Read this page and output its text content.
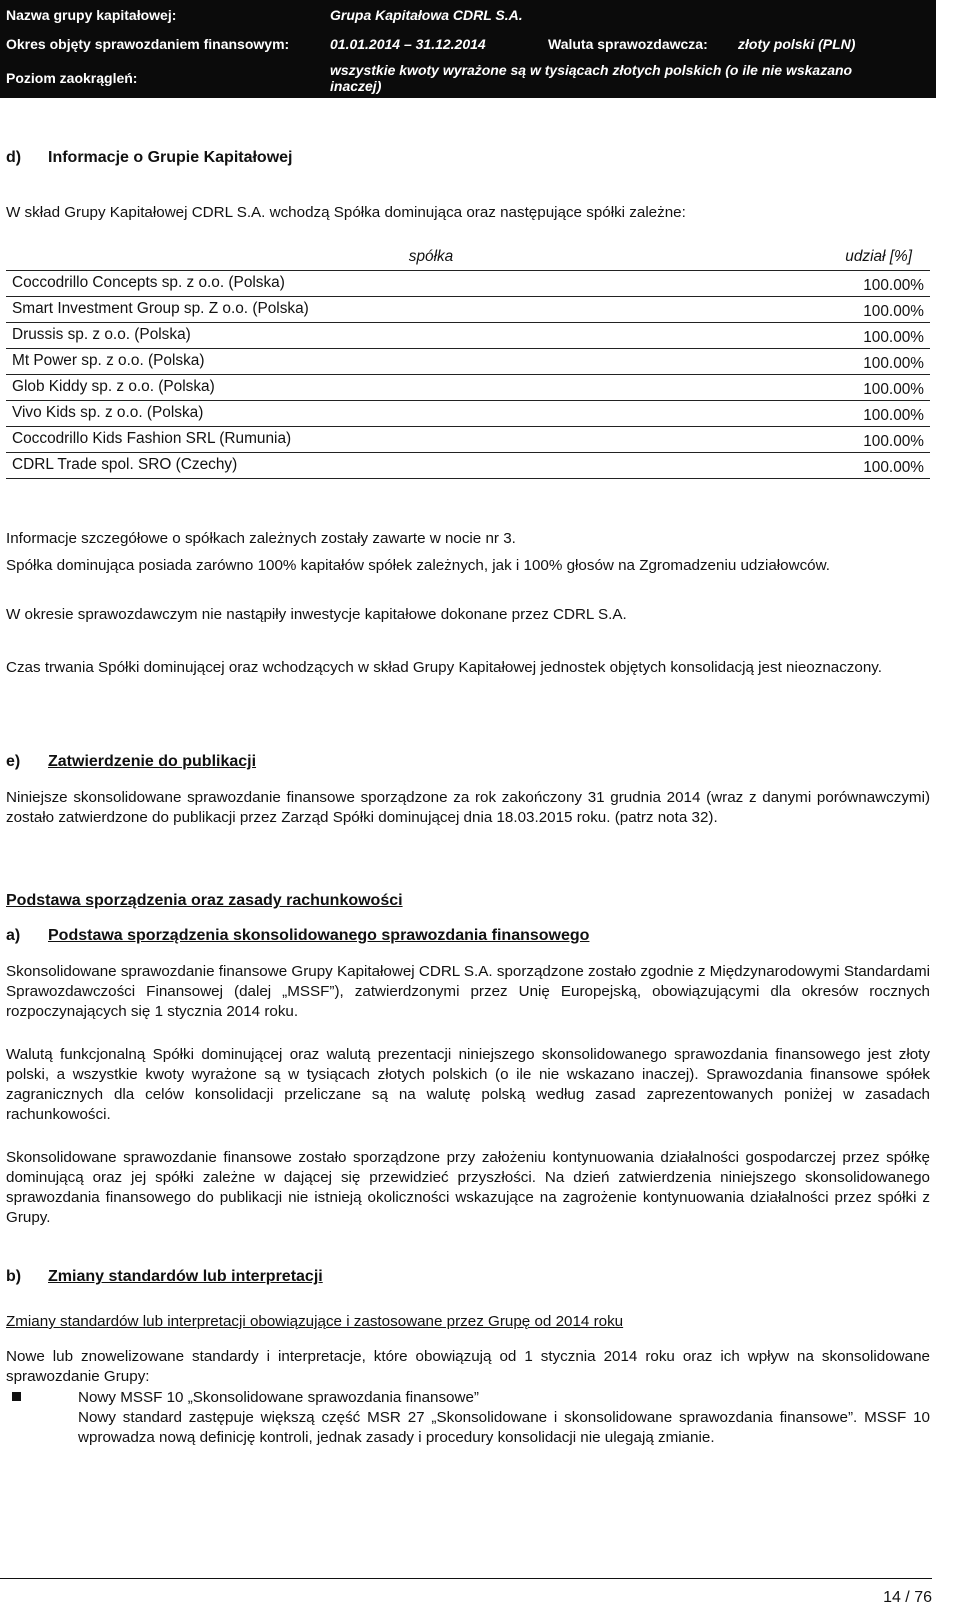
Nazwa grupy kapitałowej:	Grupa Kapitałowa CDRL S.A.
Okres objęty sprawozdaniem finansowym:	01.01.2014 – 31.12.2014	Waluta sprawozdawcza:	złoty polski (PLN)
Poziom zaokrągleń:	wszystkie kwoty wyrażone są w tysiącach złotych polskich (o ile nie wskazano inaczej)
d) Informacje o Grupie Kapitałowej

W skład Grupy Kapitałowej CDRL S.A. wchodzą Spółka dominująca oraz następujące spółki zależne:

spółka	udział [%]
Coccodrillo Concepts sp. z o.o. (Polska)	100.00%
Smart Investment Group sp. Z o.o. (Polska)	100.00%
Drussis sp. z o.o. (Polska)	100.00%
Mt Power sp. z o.o. (Polska)	100.00%
Glob Kiddy sp. z o.o. (Polska)	100.00%
Vivo Kids sp. z o.o. (Polska)	100.00%
Coccodrillo Kids Fashion SRL (Rumunia)	100.00%
CDRL Trade spol. SRO (Czechy)	100.00%

Informacje szczegółowe o spółkach zależnych zostały zawarte w nocie nr 3.

Spółka dominująca posiada zarówno 100% kapitałów spółek zależnych, jak i 100% głosów na Zgromadzeniu udziałowców.

W okresie sprawozdawczym nie nastąpiły inwestycje kapitałowe dokonane przez CDRL S.A.

Czas trwania Spółki dominującej oraz wchodzących w skład Grupy Kapitałowej jednostek objętych konsolidacją jest nieoznaczony.

e) Zatwierdzenie do publikacji

Niniejsze skonsolidowane sprawozdanie finansowe sporządzone za rok zakończony 31 grudnia 2014 (wraz z danymi porównawczymi) zostało zatwierdzone do publikacji przez Zarząd Spółki dominującej dnia 18.03.2015 roku. (patrz nota 32).

Podstawa sporządzenia oraz zasady rachunkowości
a) Podstawa sporządzenia skonsolidowanego sprawozdania finansowego

Skonsolidowane sprawozdanie finansowe Grupy Kapitałowej CDRL S.A. sporządzone zostało zgodnie z Międzynarodowymi Standardami Sprawozdawczości Finansowej (dalej „MSSF”), zatwierdzonymi przez Unię Europejską, obowiązującymi dla okresów rocznych rozpoczynających się 1 stycznia 2014 roku.

Walutą funkcjonalną Spółki dominującej oraz walutą prezentacji niniejszego skonsolidowanego sprawozdania finansowego jest złoty polski, a wszystkie kwoty wyrażone są w tysiącach złotych polskich (o ile nie wskazano inaczej). Sprawozdania finansowe spółek zagranicznych dla celów konsolidacji przeliczane są na walutę polską według zasad zaprezentowanych poniżej w zasadach rachunkowości.

Skonsolidowane sprawozdanie finansowe zostało sporządzone przy założeniu kontynuowania działalności gospodarczej przez spółkę dominującą oraz jej spółki zależne w dającej się przewidzieć przyszłości. Na dzień zatwierdzenia niniejszego skonsolidowanego sprawozdania finansowego do publikacji nie istnieją okoliczności wskazujące na zagrożenie kontynuowania działalności przez spółki z Grupy.

b) Zmiany standardów lub interpretacji

Zmiany standardów lub interpretacji obowiązujące i zastosowane przez Grupę od 2014 roku

Nowe lub znowelizowane standardy i interpretacje, które obowiązują od 1 stycznia 2014 roku oraz ich wpływ na skonsolidowane sprawozdanie Grupy:

Nowy MSSF 10 „Skonsolidowane sprawozdania finansowe”
Nowy standard zastępuje większą część MSR 27 „Skonsolidowane i skonsolidowane sprawozdania finansowe”. MSSF 10 wprowadza nową definicję kontroli, jednak zasady i procedury konsolidacji nie ulegają zmianie.
14 / 76
